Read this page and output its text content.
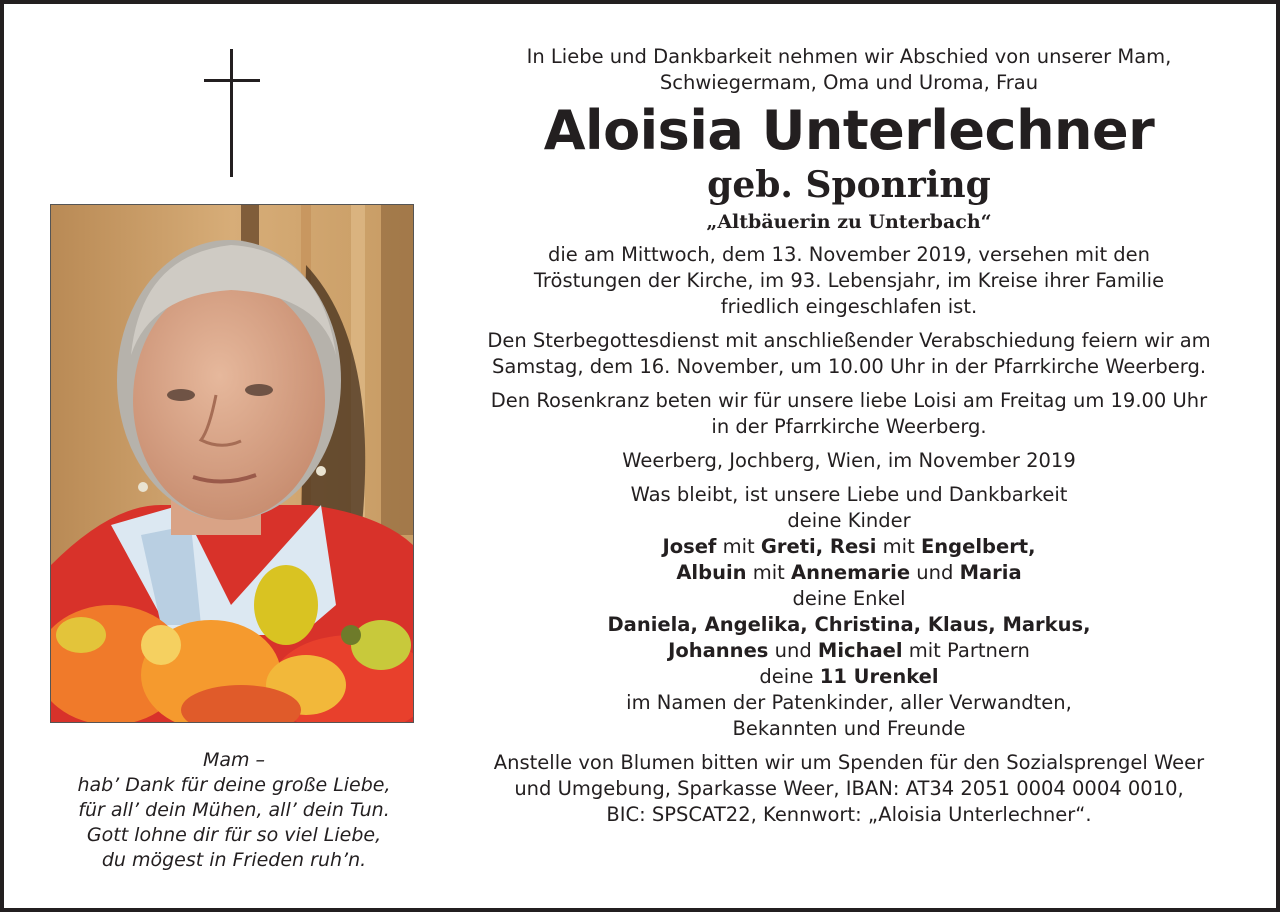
Mam –
hab’ Dank für deine große Liebe,
für all’ dein Mühen, all’ dein Tun.
Gott lohne dir für so viel Liebe,
du mögest in Frieden ruh’n.
In Liebe und Dankbarkeit nehmen wir Abschied von unserer Mam,
Schwiegermam, Oma und Uroma, Frau
Aloisia Unterlechner
geb. Sponring
„Altbäuerin zu Unterbach“
die am Mittwoch, dem 13. November 2019, versehen mit den
Tröstungen der Kirche, im 93. Lebensjahr, im Kreise ihrer Familie
friedlich eingeschlafen ist.
Den Sterbegottesdienst mit anschließender Verabschiedung feiern wir am
Samstag, dem 16. November, um 10.00 Uhr in der Pfarrkirche Weerberg.
Den Rosenkranz beten wir für unsere liebe Loisi am Freitag um 19.00 Uhr
in der Pfarrkirche Weerberg.
Weerberg, Jochberg, Wien, im November 2019
Was bleibt, ist unsere Liebe und Dankbarkeit
deine Kinder
Josef mit Greti, Resi mit Engelbert,
Albuin mit Annemarie und Maria
deine Enkel
Daniela, Angelika, Christina, Klaus, Markus,
Johannes und Michael mit Partnern
deine 11 Urenkel
im Namen der Patenkinder, aller Verwandten,
Bekannten und Freunde
Anstelle von Blumen bitten wir um Spenden für den Sozialsprengel Weer
und Umgebung, Sparkasse Weer, IBAN: AT34 2051 0004 0004 0010,
BIC: SPSCAT22, Kennwort: „Aloisia Unterlechner“.
